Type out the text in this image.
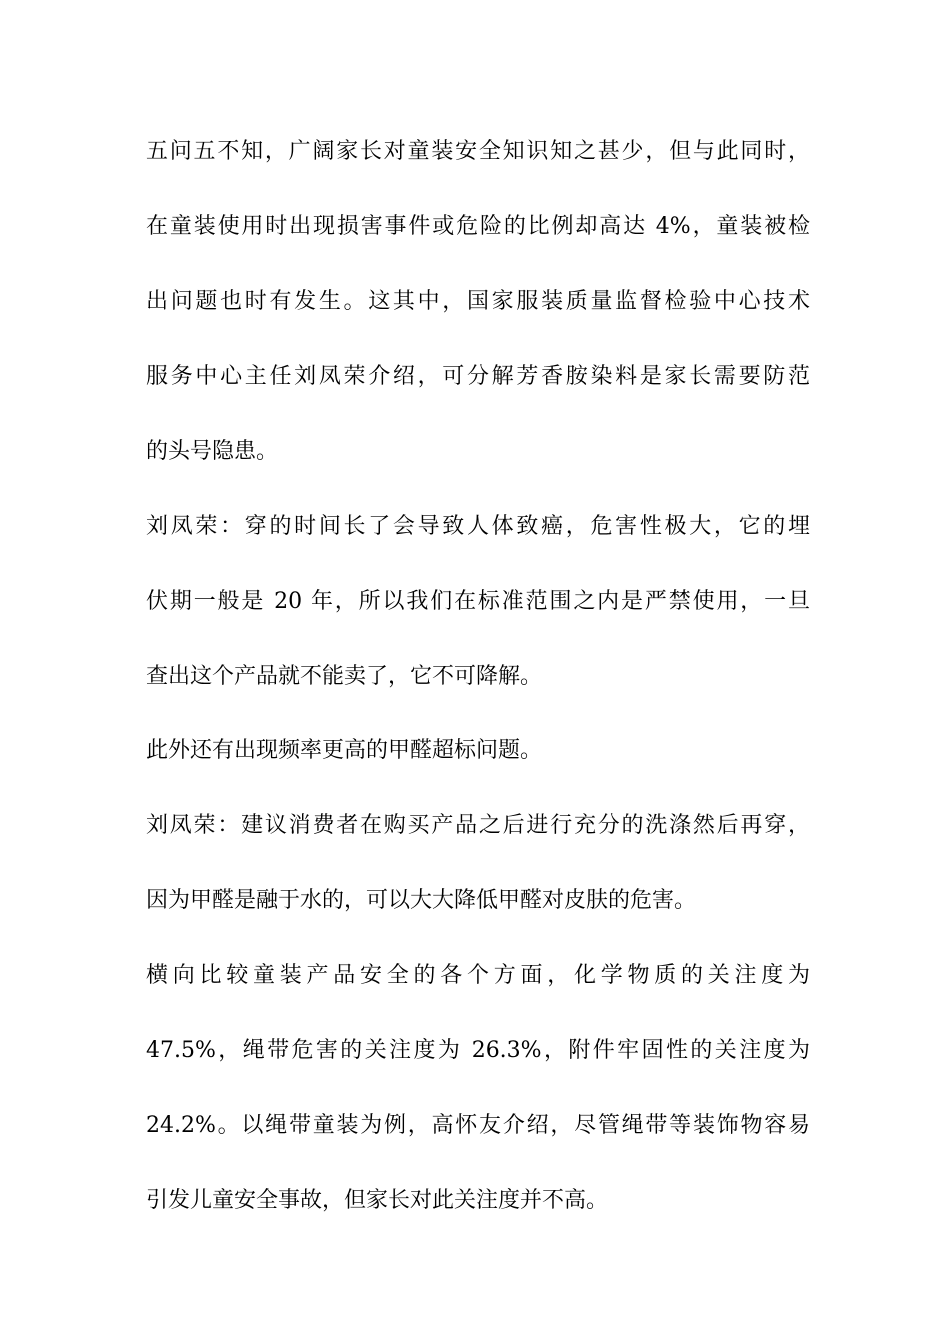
五问五不知，广阔家长对童装安全知识知之甚少，但与此同时，
在童装使用时出现损害事件或危险的比例却高达 4%，童装被检
出问题也时有发生。这其中，国家服装质量监督检验中心技术
服务中心主任刘凤荣介绍，可分解芳香胺染料是家长需要防范
的头号隐患。
刘凤荣：穿的时间长了会导致人体致癌，危害性极大，它的埋
伏期一般是 20 年，所以我们在标准范围之内是严禁使用，一旦
查出这个产品就不能卖了，它不可降解。
此外还有出现频率更高的甲醛超标问题。
刘凤荣：建议消费者在购买产品之后进行充分的洗涤然后再穿，
因为甲醛是融于水的，可以大大降低甲醛对皮肤的危害。
横向比较童装产品安全的各个方面，化学物质的关注度为
47.5%，绳带危害的关注度为 26.3%，附件牢固性的关注度为
24.2%。以绳带童装为例，高怀友介绍，尽管绳带等装饰物容易
引发儿童安全事故，但家长对此关注度并不高。
